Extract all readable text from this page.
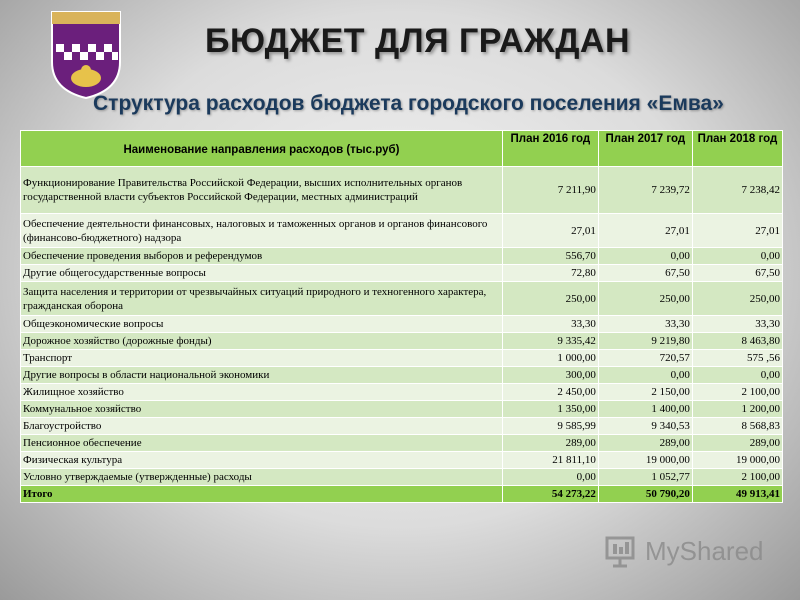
БЮДЖЕТ ДЛЯ ГРАЖДАН
Структура расходов бюджета городского поселения «Емва»
Наименование направления расходов (тыс.руб)	План 2016 год	План 2017 год	План 2018 год
Функционирование Правительства Российской Федерации, высших исполнительных органов государственной власти субъектов Российской Федерации, местных администраций	7 211,90	7 239,72	7 238,42
Обеспечение деятельности финансовых, налоговых и таможенных органов и органов финансового (финансово-бюджетного) надзора	27,01	27,01	27,01
Обеспечение проведения выборов и референдумов	556,70	0,00	0,00
Другие общегосударственные вопросы	72,80	67,50	67,50
Защита населения и территории от чрезвычайных ситуаций природного и техногенного характера, гражданская оборона	250,00	250,00	250,00
Общеэкономические вопросы	33,30	33,30	33,30
Дорожное хозяйство (дорожные фонды)	9 335,42	9 219,80	8 463,80
Транспорт	1 000,00	720,57	575 ,56
Другие вопросы в области национальной экономики	300,00	0,00	0,00
Жилищное хозяйство	2 450,00	2 150,00	2 100,00
Коммунальное хозяйство	1 350,00	1 400,00	1 200,00
Благоустройство	9 585,99	9 340,53	8 568,83
Пенсионное обеспечение	289,00	289,00	289,00
Физическая культура	21 811,10	19 000,00	19 000,00
Условно утверждаемые (утвержденные) расходы	0,00	1 052,77	2 100,00
Итого	54 273,22	50 790,20	49 913,41
MyShared
